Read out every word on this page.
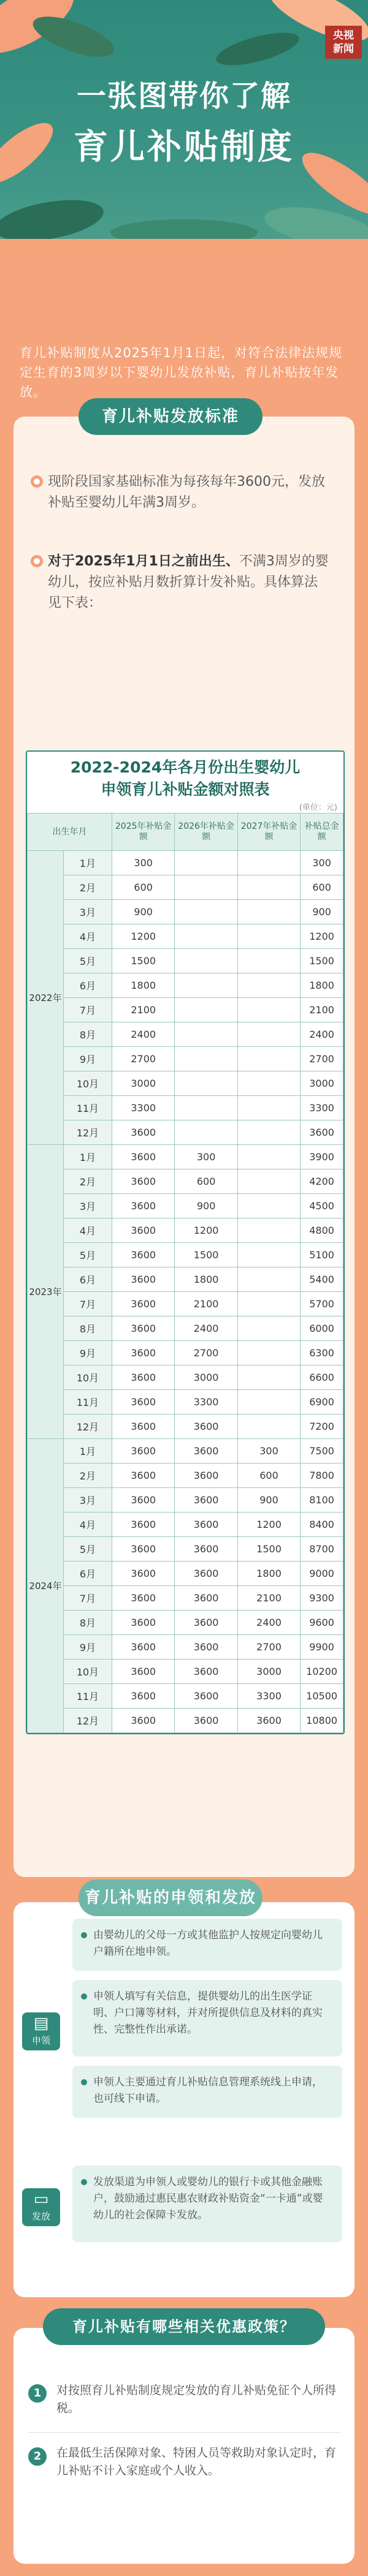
央视
新闻
一张图带你了解
育儿补贴制度
育儿补贴制度从2025年1月1日起，对符合法律法规规定生育的3周岁以下婴幼儿发放补贴，育儿补贴按年发放。
育儿补贴发放标准
现阶段国家基础标准为每孩每年3600元，发放补贴至婴幼儿年满3周岁。
对于2025年1月1日之前出生、不满3周岁的婴幼儿，按应补贴月数折算计发补贴。具体算法见下表：
2022-2024年各月份出生婴幼儿
申领育儿补贴金额对照表
(单位：元)
出生年月		2025年补贴金额	2026年补贴金额	2027年补贴金额	补贴总金额
2022年	1月	300			300
	2月	600			600
	3月	900			900
	4月	1200			1200
	5月	1500			1500
	6月	1800			1800
	7月	2100			2100
	8月	2400			2400
	9月	2700			2700
	10月	3000			3000
	11月	3300			3300
	12月	3600			3600
2023年	1月	3600	300		3900
	2月	3600	600		4200
	3月	3600	900		4500
	4月	3600	1200		4800
	5月	3600	1500		5100
	6月	3600	1800		5400
	7月	3600	2100		5700
	8月	3600	2400		6000
	9月	3600	2700		6300
	10月	3600	3000		6600
	11月	3600	3300		6900
	12月	3600	3600		7200
2024年	1月	3600	3600	300	7500
	2月	3600	3600	600	7800
	3月	3600	3600	900	8100
	4月	3600	3600	1200	8400
	5月	3600	3600	1500	8700
	6月	3600	3600	1800	9000
	7月	3600	3600	2100	9300
	8月	3600	3600	2400	9600
	9月	3600	3600	2700	9900
	10月	3600	3600	3000	10200
	11月	3600	3600	3300	10500
	12月	3600	3600	3600	10800
育儿补贴的申领和发放
▤
申领
▭
发放
由婴幼儿的父母一方或其他监护人按规定向婴幼儿户籍所在地申领。
申领人填写有关信息，提供婴幼儿的出生医学证明、户口簿等材料，并对所提供信息及材料的真实性、完整性作出承诺。
申领人主要通过育儿补贴信息管理系统线上申请，也可线下申请。
发放渠道为申领人或婴幼儿的银行卡或其他金融账户，鼓励通过惠民惠农财政补贴资金“一卡通”或婴幼儿的社会保障卡发放。
育儿补贴有哪些相关优惠政策？
1	对按照育儿补贴制度规定发放的育儿补贴免征个人所得税。
2	在最低生活保障对象、特困人员等救助对象认定时，育儿补贴不计入家庭或个人收入。
